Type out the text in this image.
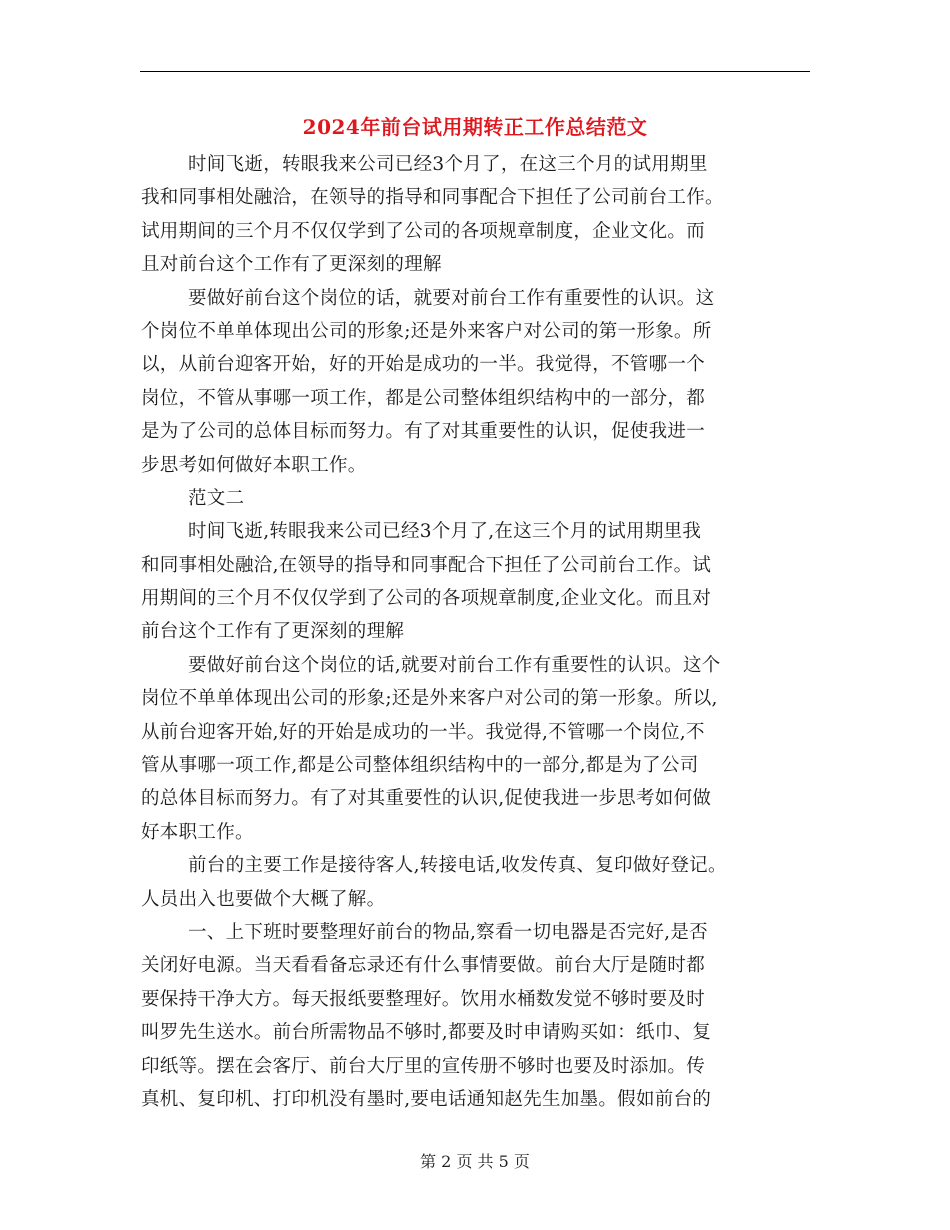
2024年前台试用期转正工作总结范文
时间飞逝，转眼我来公司已经3个月了，在这三个月的试用期里
我和同事相处融洽，在领导的指导和同事配合下担任了公司前台工作。
试用期间的三个月不仅仅学到了公司的各项规章制度，企业文化。而
且对前台这个工作有了更深刻的理解
要做好前台这个岗位的话，就要对前台工作有重要性的认识。这
个岗位不单单体现出公司的形象;还是外来客户对公司的第一形象。所
以，从前台迎客开始，好的开始是成功的一半。我觉得，不管哪一个
岗位，不管从事哪一项工作，都是公司整体组织结构中的一部分，都
是为了公司的总体目标而努力。有了对其重要性的认识，促使我进一
步思考如何做好本职工作。
范文二
时间飞逝,转眼我来公司已经3个月了,在这三个月的试用期里我
和同事相处融洽,在领导的指导和同事配合下担任了公司前台工作。试
用期间的三个月不仅仅学到了公司的各项规章制度,企业文化。而且对
前台这个工作有了更深刻的理解
要做好前台这个岗位的话,就要对前台工作有重要性的认识。这个
岗位不单单体现出公司的形象;还是外来客户对公司的第一形象。所以,
从前台迎客开始,好的开始是成功的一半。我觉得,不管哪一个岗位,不
管从事哪一项工作,都是公司整体组织结构中的一部分,都是为了公司
的总体目标而努力。有了对其重要性的认识,促使我进一步思考如何做
好本职工作。
前台的主要工作是接待客人,转接电话,收发传真、复印做好登记。
人员出入也要做个大概了解。
一、上下班时要整理好前台的物品,察看一切电器是否完好,是否
关闭好电源。当天看看备忘录还有什么事情要做。前台大厅是随时都
要保持干净大方。每天报纸要整理好。饮用水桶数发觉不够时要及时
叫罗先生送水。前台所需物品不够时,都要及时申请购买如：纸巾、复
印纸等。摆在会客厅、前台大厅里的宣传册不够时也要及时添加。传
真机、复印机、打印机没有墨时,要电话通知赵先生加墨。假如前台的
第 2 页 共 5 页
